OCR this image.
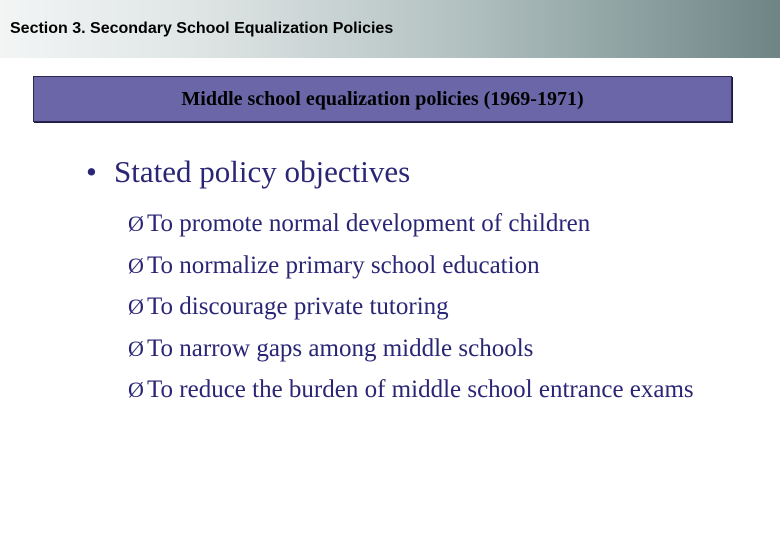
Section 3. Secondary School Equalization Policies
Middle school equalization policies (1969-1971)
• Stated policy objectives
Ø To promote normal development of children
Ø To normalize primary school education
Ø To discourage private tutoring
Ø To narrow gaps among middle schools
Ø To reduce the burden of middle school entrance exams
